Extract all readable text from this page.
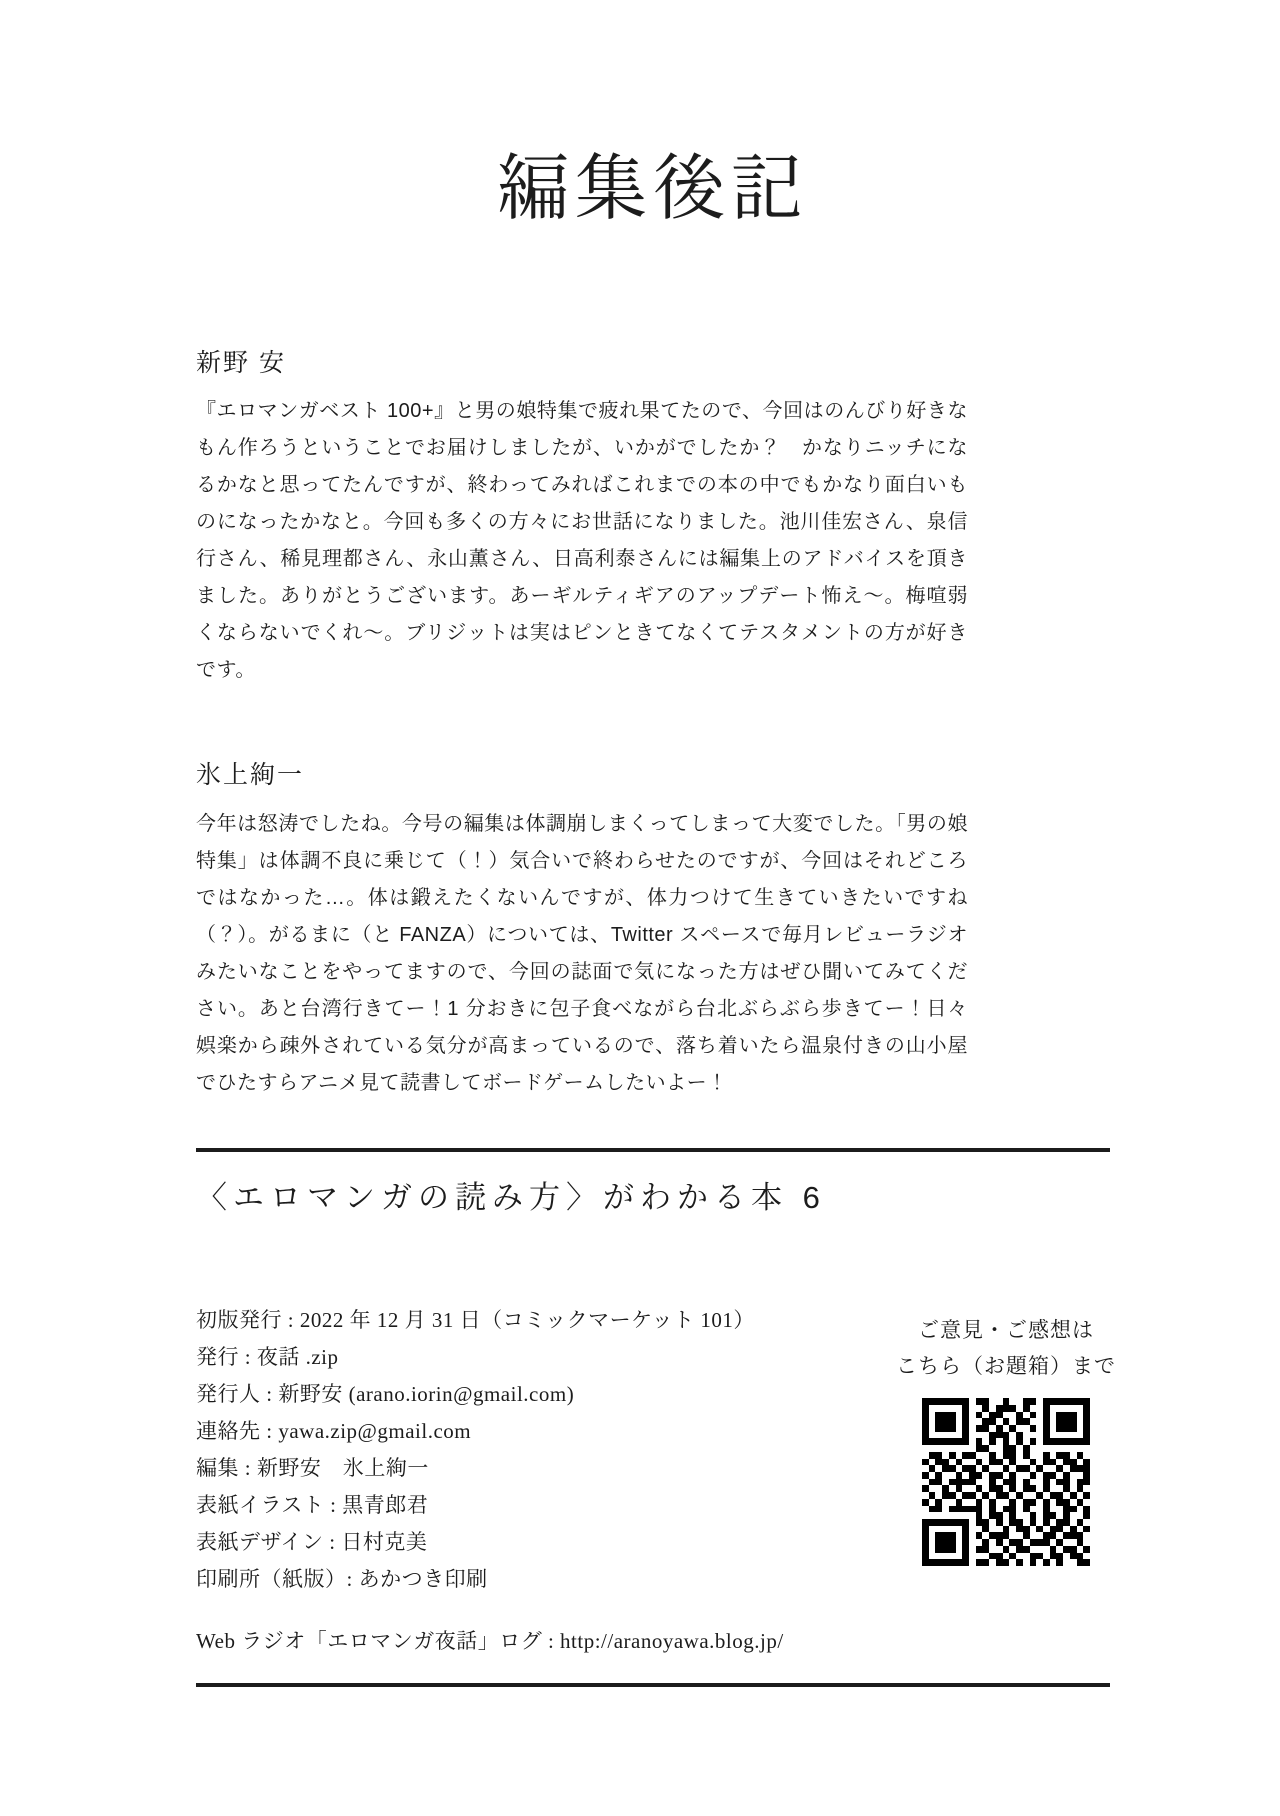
編集後記
新野 安

『エロマンガベスト 100+』と男の娘特集で疲れ果てたので、今回はのんびり好きなもん作ろうということでお届けしましたが、いかがでしたか？　かなりニッチになるかなと思ってたんですが、終わってみればこれまでの本の中でもかなり面白いものになったかなと。今回も多くの方々にお世話になりました。池川佳宏さん、泉信行さん、稀見理都さん、永山薫さん、日高利泰さんには編集上のアドバイスを頂きました。ありがとうございます。あーギルティギアのアップデート怖え〜。梅喧弱くならないでくれ〜。ブリジットは実はピンときてなくてテスタメントの方が好きです。

氷上絢一

今年は怒涛でしたね。今号の編集は体調崩しまくってしまって大変でした。「男の娘特集」は体調不良に乗じて（！）気合いで終わらせたのですが、今回はそれどころではなかった…。体は鍛えたくないんですが、体力つけて生きていきたいですね（？）。がるまに（と FANZA）については、Twitter スペースで毎月レビューラジオみたいなことをやってますので、今回の誌面で気になった方はぜひ聞いてみてください。あと台湾行きてー！1 分おきに包子食べながら台北ぶらぶら歩きてー！日々娯楽から疎外されている気分が高まっているので、落ち着いたら温泉付きの山小屋でひたすらアニメ見て読書してボードゲームしたいよー！

〈エロマンガの読み方〉がわかる本 6
初版発行 : 2022 年 12 月 31 日（コミックマーケット 101）
発行 : 夜話 .zip
発行人 : 新野安 (arano.iorin@gmail.com)
連絡先 : yawa.zip@gmail.com
編集 : 新野安　氷上絢一
表紙イラスト : 黒青郎君
表紙デザイン : 日村克美
印刷所（紙版）: あかつき印刷
ご意見・ご感想は
こちら（お題箱）まで
Web ラジオ「エロマンガ夜話」ログ : http://aranoyawa.blog.jp/
